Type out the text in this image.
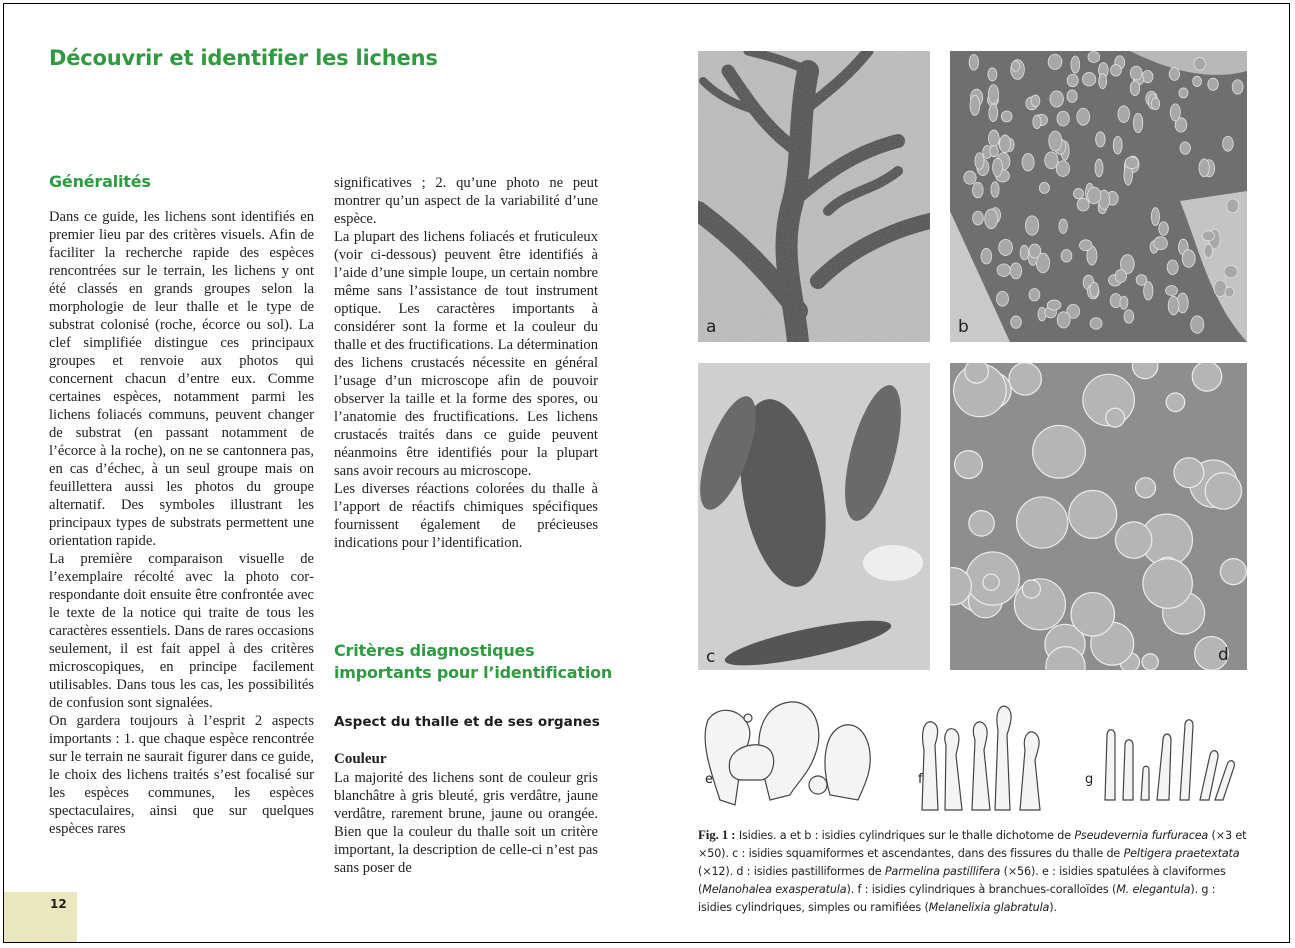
Découvrir et identifier les lichens
Généralités

Dans ce guide, les lichens sont identifiés en premier lieu par des critères visuels. Afin de faciliter la recherche rapide des espèces rencontrées sur le terrain, les lichens y ont été classés en grands groupes selon la morphologie de leur thalle et le type de substrat colonisé (roche, écorce ou sol). La clef simplifiée distingue ces principaux groupes et renvoie aux photos qui concernent chacun d’entre eux. Comme certaines espèces, notamment parmi les lichens foliacés communs, peuvent changer de substrat (en passant notamment de l’écorce à la roche), on ne se cantonnera pas, en cas d’échec, à un seul groupe mais on feuillettera aussi les photos du groupe alternatif. Des symboles illustrant les principaux types de substrats permettent une orientation rapide.

La première comparaison visuelle de l’exemplaire récolté avec la photo correspondante doit ensuite être confrontée avec le texte de la notice qui traite de tous les caractères essentiels. Dans de rares occasions seulement, il est fait appel à des critères microscopiques, en principe facilement utilisables. Dans tous les cas, les possibilités de confusion sont signalées.

On gardera toujours à l’esprit 2 aspects importants : 1. que chaque espèce rencontrée sur le terrain ne saurait figurer dans ce guide, le choix des lichens traités s’est focalisé sur les espèces communes, les espèces spectaculaires, ainsi que sur quelques espèces rares

significatives ; 2. qu’une photo ne peut montrer qu’un aspect de la variabilité d’une espèce.

La plupart des lichens foliacés et fruticuleux (voir ci-dessous) peuvent être identifiés à l’aide d’une simple loupe, un certain nombre même sans l’assistance de tout instrument optique. Les caractères importants à considérer sont la forme et la couleur du thalle et des fructifications. La détermination des lichens crustacés nécessite en général l’usage d’un microscope afin de pouvoir observer la taille et la forme des spores, ou l’anatomie des fructifications. Les lichens crustacés traités dans ce guide peuvent néanmoins être identifiés pour la plupart sans avoir recours au microscope.

Les diverses réactions colorées du thalle à l’apport de réactifs chimiques spécifiques fournissent également de précieuses indications pour l’identification.

Critères diagnostiques
importants pour l’identification
Aspect du thalle et de ses organes
Couleur

La majorité des lichens sont de couleur gris blanchâtre à gris bleuté, gris verdâtre, jaune verdâtre, rarement brune, jaune ou orangée. Bien que la couleur du thalle soit un critère important, la description de celle-ci n’est pas sans poser de

12
a	b
c	d
e	f	g
Fig. 1 : Isidies. a et b : isidies cylindriques sur le thalle dichotome de Pseudevernia furfuracea (×3 et ×50). c : isidies squamiformes et ascendantes, dans des fissures du thalle de Peltigera praetextata (×12). d : isidies pastilliformes de Parmelina pastillifera (×56). e : isidies spatulées à claviformes (Melanohalea exasperatula). f : isidies cylindriques à branchues-coralloïdes (M. elegantula). g : isidies cylindriques, simples ou ramifiées (Melanelixia glabratula).
